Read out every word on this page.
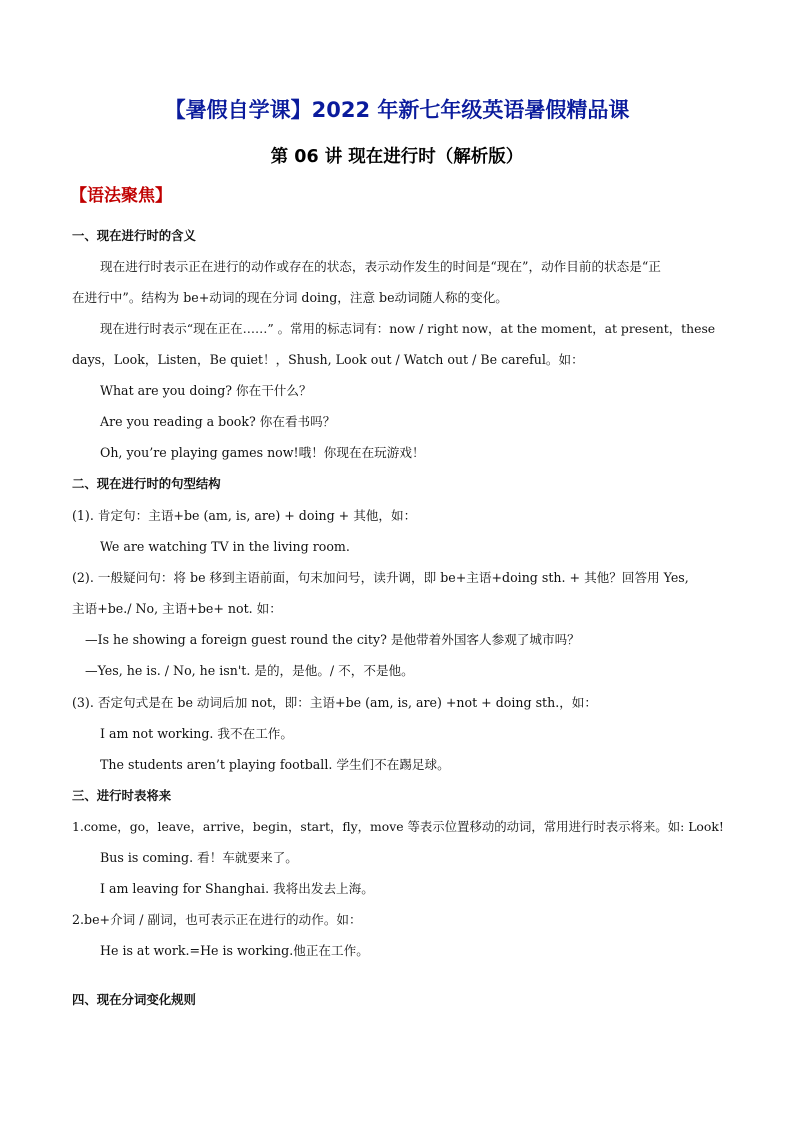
【暑假自学课】2022 年新七年级英语暑假精品课
第 06 讲 现在进行时（解析版）
【语法聚焦】
一、现在进行时的含义
现在进行时表示正在进行的动作或存在的状态，表示动作发生的时间是“现在”，动作目前的状态是“正
在进行中”。结构为 be+动词的现在分词 doing，注意 be动词随人称的变化。
现在进行时表示“现在正在……” 。常用的标志词有：now / right now，at the moment，at present，these
days，Look，Listen，Be quiet！，Shush, Look out / Watch out / Be careful。如：
What are you doing? 你在干什么？
Are you reading a book? 你在看书吗？
Oh, you’re playing games now!哦！你现在在玩游戏！
二、现在进行时的句型结构
(1). 肯定句：主语+be (am, is, are) + doing + 其他，如：
We are watching TV in the living room.
(2). 一般疑问句：将 be 移到主语前面，句末加问号，读升调，即 be+主语+doing sth. + 其他？回答用 Yes,
主语+be./ No, 主语+be+ not. 如：
—Is he showing a foreign guest round the city? 是他带着外国客人参观了城市吗？
—Yes, he is. / No, he isn't. 是的，是他。/ 不，不是他。
(3). 否定句式是在 be 动词后加 not，即：主语+be (am, is, are) +not + doing sth.，如：
I am not working. 我不在工作。
The students aren’t playing football. 学生们不在踢足球。
三、进行时表将来
1.come，go，leave，arrive，begin，start，fly，move 等表示位置移动的动词，常用进行时表示将来。如: Look!
Bus is coming. 看！车就要来了。
I am leaving for Shanghai. 我将出发去上海。
2.be+介词 / 副词，也可表示正在进行的动作。如：
He is at work.=He is working.他正在工作。
四、现在分词变化规则
